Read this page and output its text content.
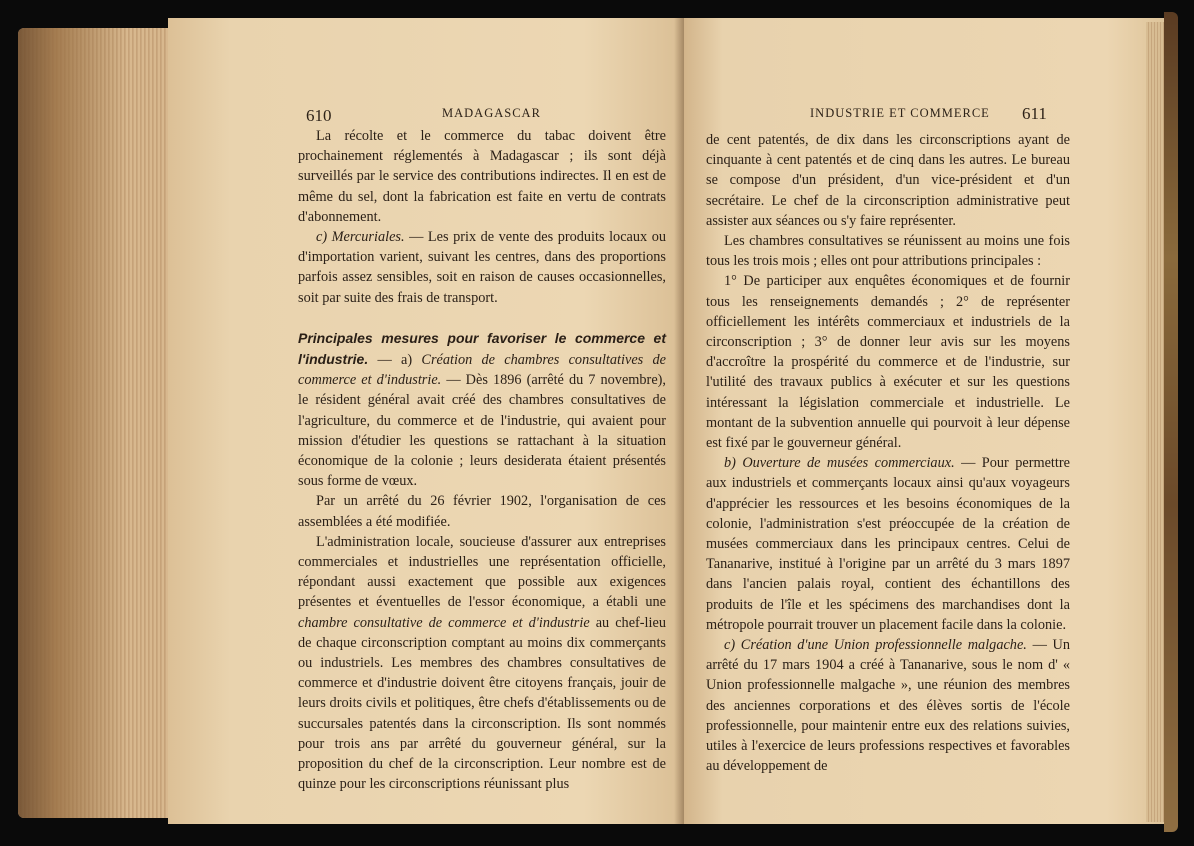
610	MADAGASCAR

La récolte et le commerce du tabac doivent être prochainement réglementés à Madagascar ; ils sont déjà surveillés par le service des contributions indirectes. Il en est de même du sel, dont la fabrication est faite en vertu de contrats d'abonnement.

c) Mercuriales. — Les prix de vente des produits locaux ou d'importation varient, suivant les centres, dans des proportions parfois assez sensibles, soit en raison de causes occasionnelles, soit par suite des frais de transport.

Principales mesures pour favoriser le commerce et l'industrie. — a) Création de chambres consultatives de commerce et d'industrie. — Dès 1896 (arrêté du 7 novembre), le résident général avait créé des chambres consultatives de l'agriculture, du commerce et de l'industrie, qui avaient pour mission d'étudier les questions se rattachant à la situation économique de la colonie ; leurs desiderata étaient présentés sous forme de vœux.

Par un arrêté du 26 février 1902, l'organisation de ces assemblées a été modifiée.

L'administration locale, soucieuse d'assurer aux entreprises commerciales et industrielles une représentation officielle, répondant aussi exactement que possible aux exigences présentes et éventuelles de l'essor économique, a établi une chambre consultative de commerce et d'industrie au chef-lieu de chaque circonscription comptant au moins dix commerçants ou industriels. Les membres des chambres consultatives de commerce et d'industrie doivent être citoyens français, jouir de leurs droits civils et politiques, être chefs d'établissements ou de succursales patentés dans la circonscription. Ils sont nommés pour trois ans par arrêté du gouverneur général, sur la proposition du chef de la circonscription. Leur nombre est de quinze pour les circonscriptions réunissant plus

INDUSTRIE ET COMMERCE 611

de cent patentés, de dix dans les circonscriptions ayant de cinquante à cent patentés et de cinq dans les autres. Le bureau se compose d'un président, d'un vice-président et d'un secrétaire. Le chef de la circonscription administrative peut assister aux séances ou s'y faire représenter.

Les chambres consultatives se réunissent au moins une fois tous les trois mois ; elles ont pour attributions principales :

1° De participer aux enquêtes économiques et de fournir tous les renseignements demandés ; 2° de représenter officiellement les intérêts commerciaux et industriels de la circonscription ; 3° de donner leur avis sur les moyens d'accroître la prospérité du commerce et de l'industrie, sur l'utilité des travaux publics à exécuter et sur les questions intéressant la législation commerciale et industrielle. Le montant de la subvention annuelle qui pourvoit à leur dépense est fixé par le gouverneur général.

b) Ouverture de musées commerciaux. — Pour permettre aux industriels et commerçants locaux ainsi qu'aux voyageurs d'apprécier les ressources et les besoins économiques de la colonie, l'administration s'est préoccupée de la création de musées commerciaux dans les principaux centres. Celui de Tananarive, institué à l'origine par un arrêté du 3 mars 1897 dans l'ancien palais royal, contient des échantillons des produits de l'île et les spécimens des marchandises dont la métropole pourrait trouver un placement facile dans la colonie.

c) Création d'une Union professionnelle malgache. — Un arrêté du 17 mars 1904 a créé à Tananarive, sous le nom d' « Union professionnelle malgache », une réunion des membres des anciennes corporations et des élèves sortis de l'école professionnelle, pour maintenir entre eux des relations suivies, utiles à l'exercice de leurs professions respectives et favorables au développement de
